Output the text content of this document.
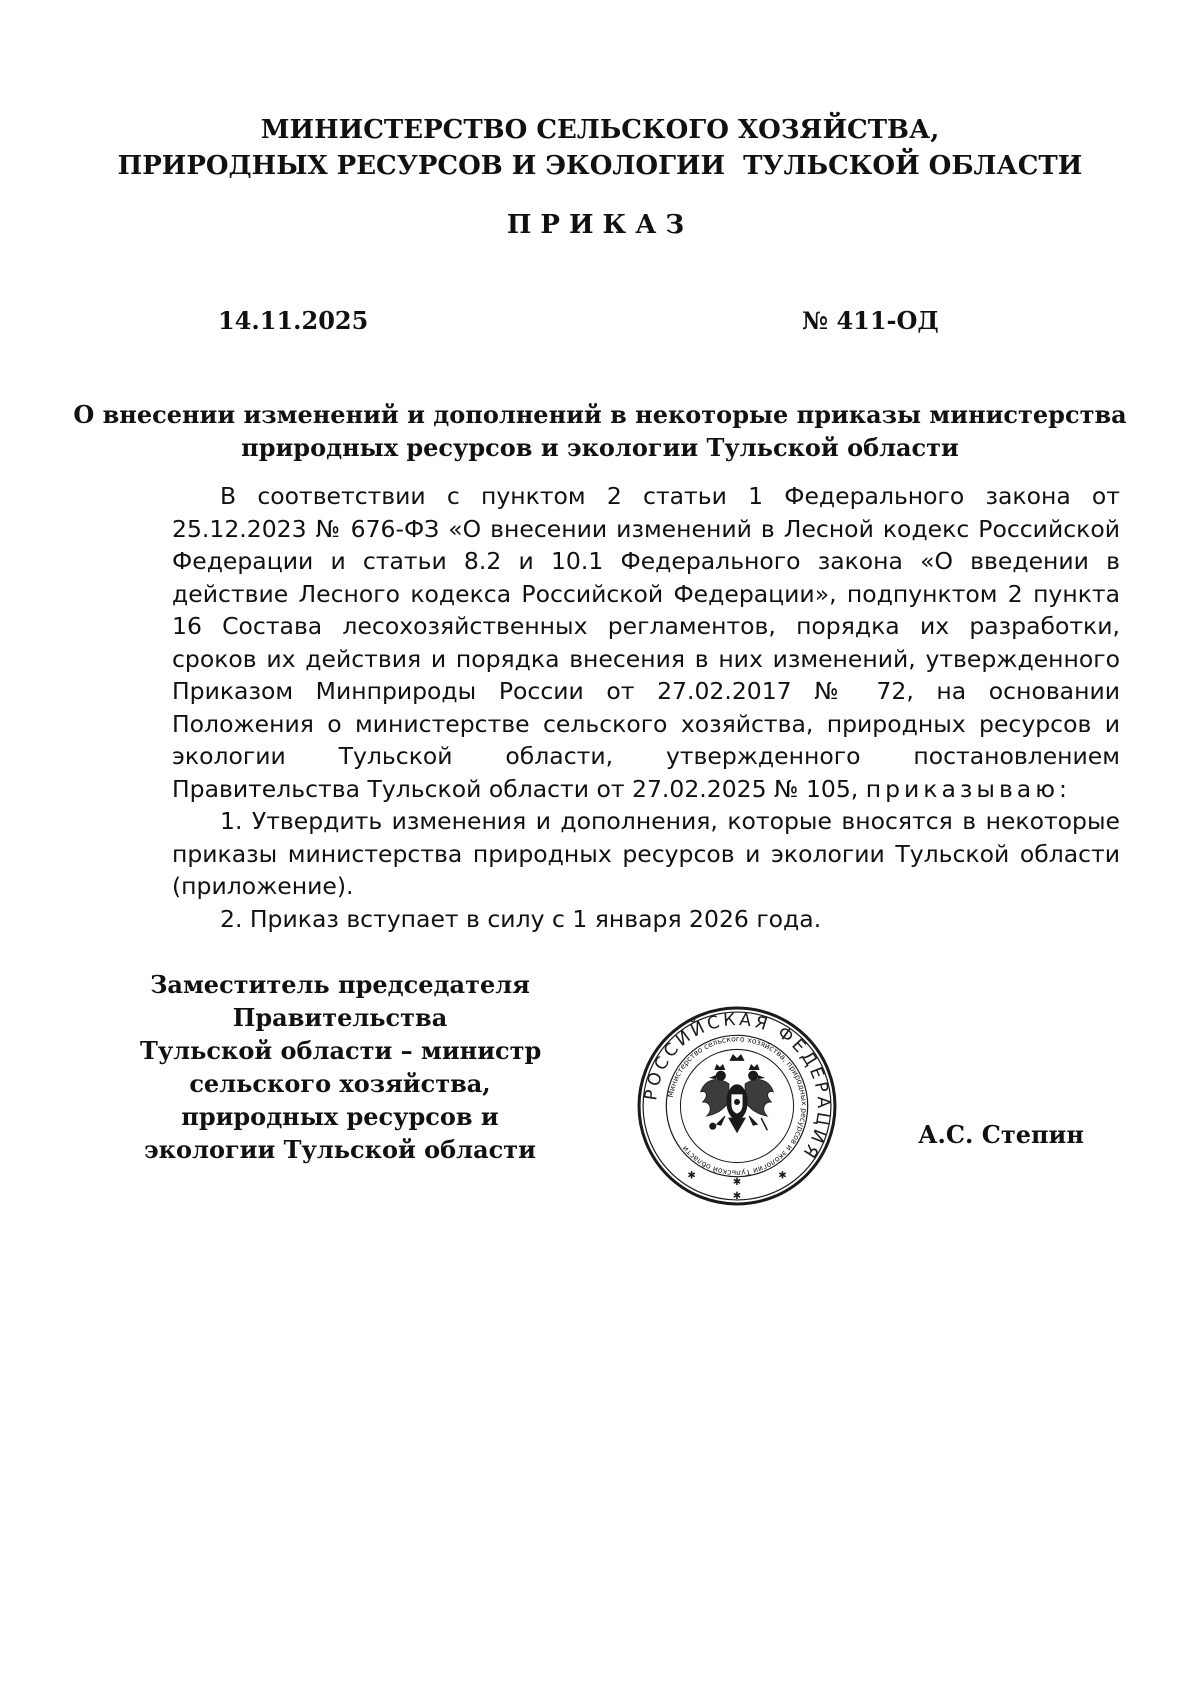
МИНИСТЕРСТВО СЕЛЬСКОГО ХОЗЯЙСТВА,
ПРИРОДНЫХ РЕСУРСОВ И ЭКОЛОГИИ  ТУЛЬСКОЙ ОБЛАСТИ
ПРИКАЗ
14.11.2025	№ 411-ОД
О внесении изменений и дополнений в некоторые приказы министерства
природных ресурсов и экологии Тульской области

В соответствии с пунктом 2 статьи 1 Федерального закона от 25.12.2023 № 676-ФЗ «О внесении изменений в Лесной кодекс Российской Федерации и статьи 8.2 и 10.1 Федерального закона «О введении в действие Лесного кодекса Российской Федерации», подпунктом 2 пункта 16 Состава лесохозяйственных регламентов, порядка их разработки, сроков их действия и порядка внесения в них изменений, утвержденного Приказом Минприроды России от 27.02.2017 № 72, на основании Положения о министерстве сельского хозяйства, природных ресурсов и экологии Тульской области, утвержденного постановлением Правительства Тульской области от 27.02.2025 № 105, приказываю:

1. Утвердить изменения и дополнения, которые вносятся в некоторые приказы министерства природных ресурсов и экологии Тульской области (приложение).

2. Приказ вступает в силу с 1 января 2026 года.

Заместитель председателя
Правительства
Тульской области – министр
сельского хозяйства,
природных ресурсов и
экологии Тульской области
РОССИЙСКАЯ ФЕДЕРАЦИЯ
Министерство сельского хозяйства, природных ресурсов и экологии Тульской области
✱
✱
✱
✱
А.С. Степин
